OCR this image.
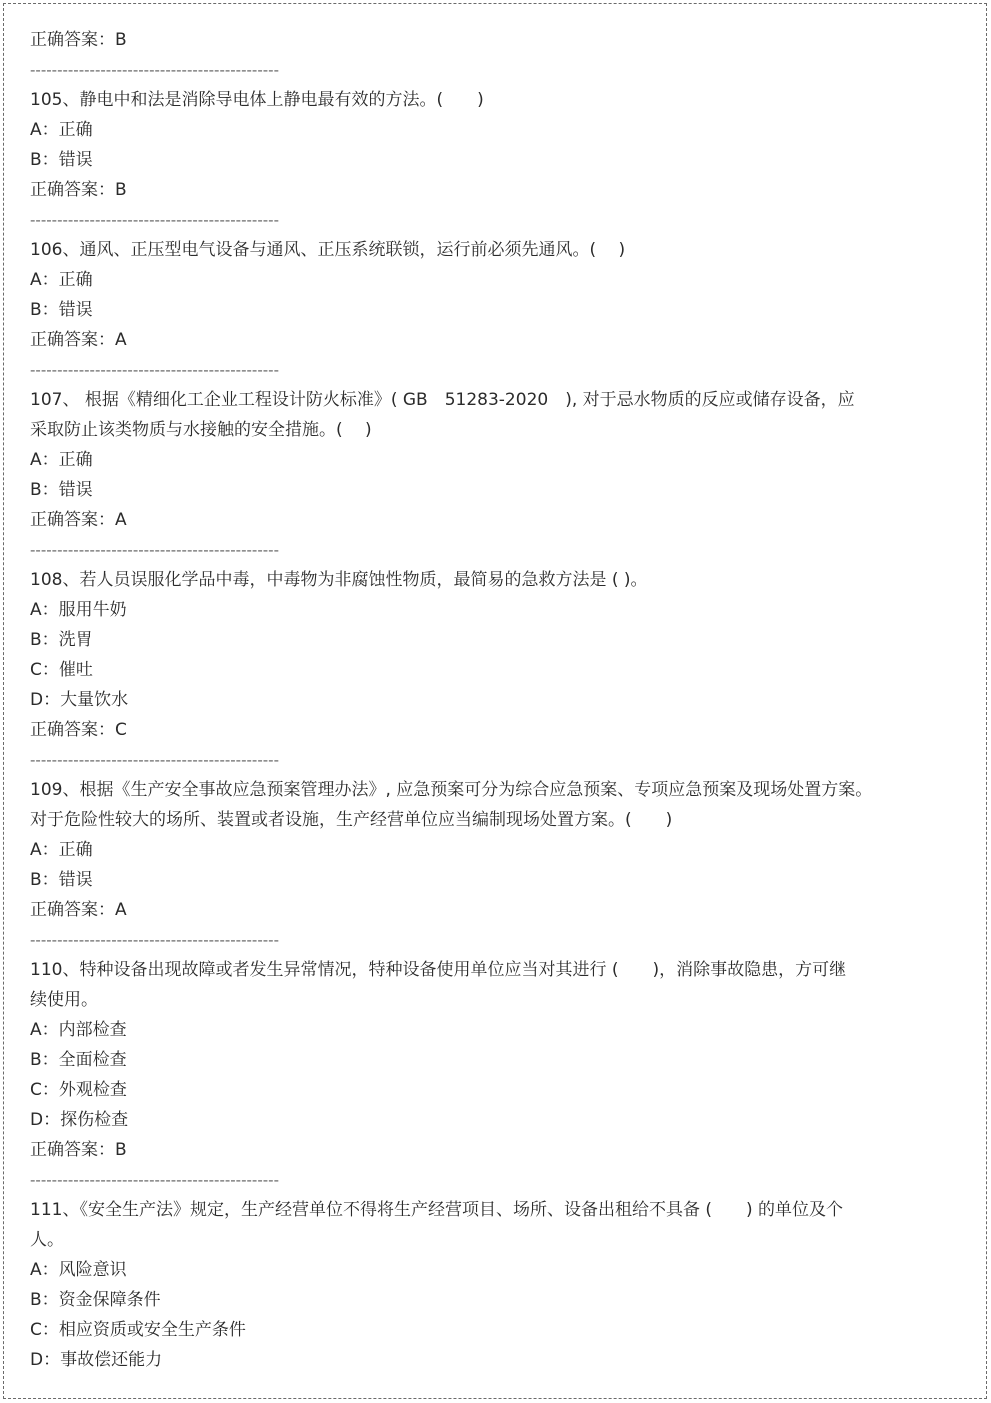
正确答案：B
----------------------------------------------
105、静电中和法是消除导电体上静电最有效的方法。(　　)
A：正确
B：错误
正确答案：B
----------------------------------------------
106、通风、正压型电气设备与通风、正压系统联锁，运行前必须先通风。(　 )
A：正确
B：错误
正确答案：A
----------------------------------------------
107、 根据《精细化工企业工程设计防火标准》( GB　51283-2020　), 对于忌水物质的反应或储存设备，应
采取防止该类物质与水接触的安全措施。(　 )
A：正确
B：错误
正确答案：A
----------------------------------------------
108、若人员误服化学品中毒，中毒物为非腐蚀性物质，最简易的急救方法是 ( )。
A：服用牛奶
B：洗胃
C：催吐
D：大量饮水
正确答案：C
----------------------------------------------
109、根据《生产安全事故应急预案管理办法》, 应急预案可分为综合应急预案、专项应急预案及现场处置方案。
对于危险性较大的场所、装置或者设施，生产经营单位应当编制现场处置方案。(　　)
A：正确
B：错误
正确答案：A
----------------------------------------------
110、特种设备出现故障或者发生异常情况，特种设备使用单位应当对其进行 (　　)，消除事故隐患，方可继
续使用。
A：内部检查
B：全面检查
C：外观检查
D：探伤检查
正确答案：B
----------------------------------------------
111、《安全生产法》规定，生产经营单位不得将生产经营项目、场所、设备出租给不具备 (　　) 的单位及个
人。
A：风险意识
B：资金保障条件
C：相应资质或安全生产条件
D：事故偿还能力
